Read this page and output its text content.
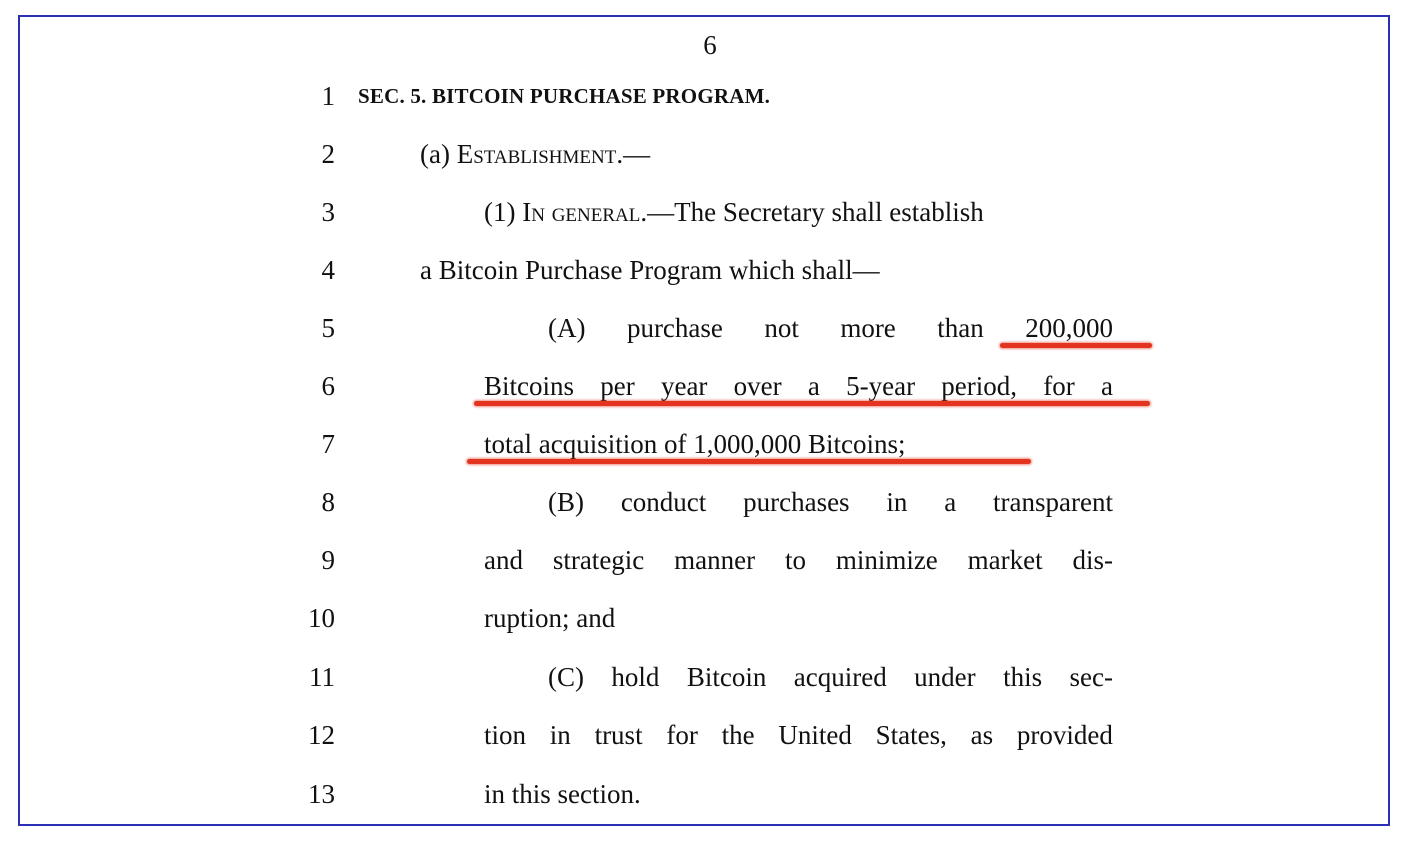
6
1 SEC. 5. BITCOIN PURCHASE PROGRAM.
2	(a) Establishment.—
3	(1) In general.—The Secretary shall establish
4	a Bitcoin Purchase Program which shall—
5	(A) purchase not more than 200,000
6	Bitcoins per year over a 5-year period, for a
7	total acquisition of 1,000,000 Bitcoins;
8	(B) conduct purchases in a transparent
9	and strategic manner to minimize market dis-
10	ruption; and
11	(C) hold Bitcoin acquired under this sec-
12	tion in trust for the United States, as provided
13	in this section.
